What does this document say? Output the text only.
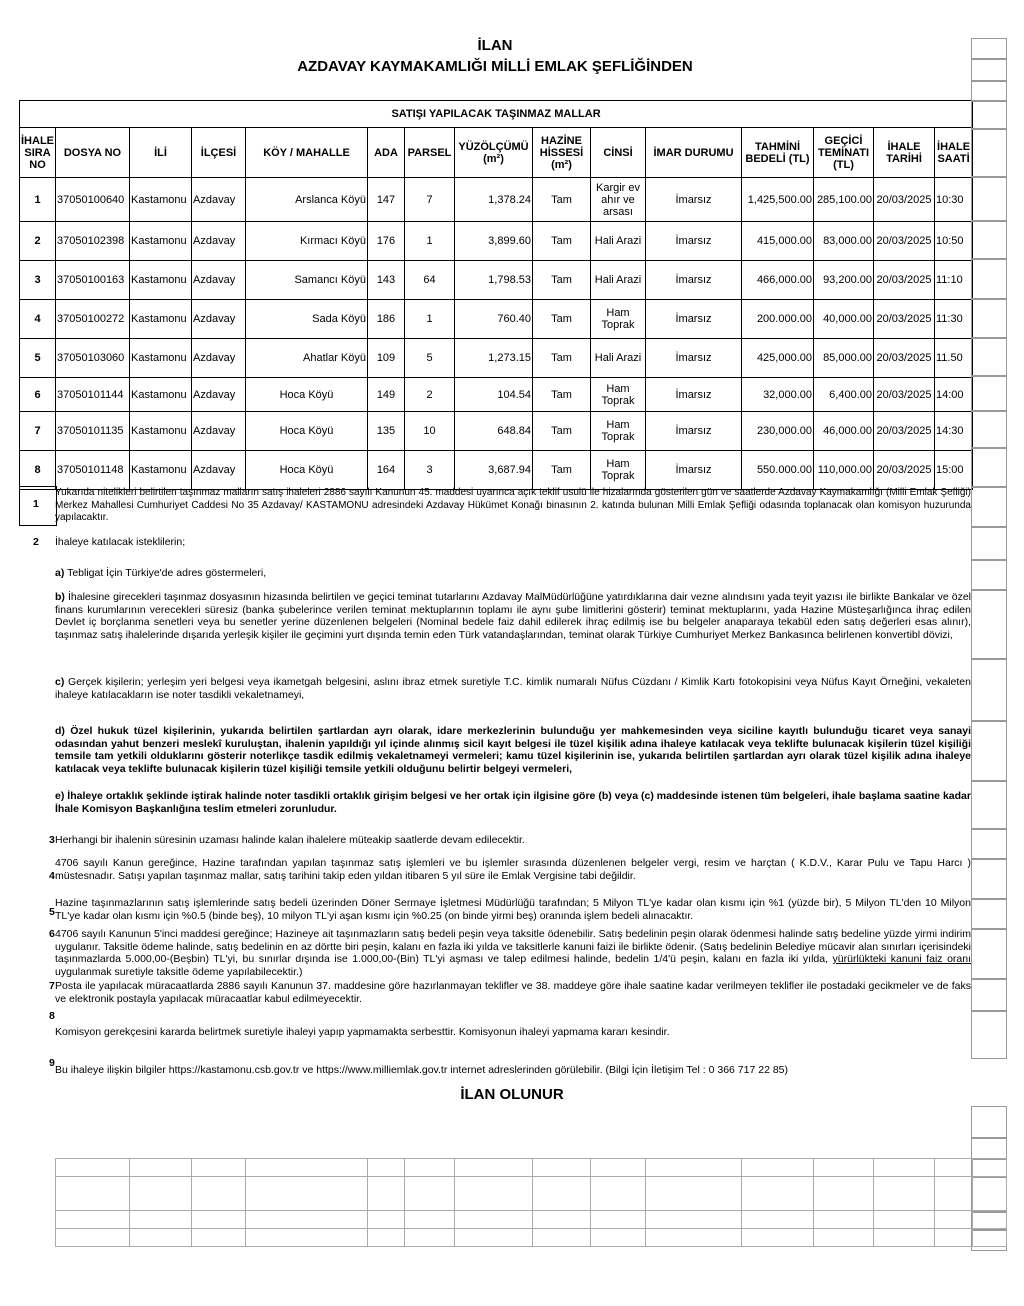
İLAN
AZDAVAY KAYMAKAMLIĞI MİLLİ EMLAK ŞEFLİĞİNDEN
SATIŞI YAPILACAK TAŞINMAZ MALLAR														
İHALE SIRA NO	DOSYA NO	İLİ	İLÇESİ	KÖY / MAHALLE	ADA	PARSEL	YÜZÖLÇÜMÜ (m²)	HAZİNE HİSSESİ (m²)	CİNSİ	İMAR DURUMU	TAHMİNİ BEDELİ (TL)	GEÇİCİ TEMİNATI (TL)	İHALE TARİHİ	İHALE SAATİ
1	37050100640	Kastamonu	Azdavay	Arslanca Köyü	147	7	1,378.24	Tam	Kargir ev ahır ve arsası	İmarsız	1,425,500.00	285,100.00	20/03/2025	10:30
2	37050102398	Kastamonu	Azdavay	Kırmacı Köyü	176	1	3,899.60	Tam	Hali Arazi	İmarsız	415,000.00	83,000.00	20/03/2025	10:50
3	37050100163	Kastamonu	Azdavay	Samancı Köyü	143	64	1,798.53	Tam	Hali Arazi	İmarsız	466,000.00	93,200.00	20/03/2025	11:10
4	37050100272	Kastamonu	Azdavay	Sada Köyü	186	1	760.40	Tam	Ham Toprak	İmarsız	200.000.00	40,000.00	20/03/2025	11:30
5	37050103060	Kastamonu	Azdavay	Ahatlar Köyü	109	5	1,273.15	Tam	Hali Arazi	İmarsız	425,000.00	85,000.00	20/03/2025	11.50
6	37050101144	Kastamonu	Azdavay	Hoca Köyü	149	2	104.54	Tam	Ham Toprak	İmarsız	32,000.00	6,400.00	20/03/2025	14:00
7	37050101135	Kastamonu	Azdavay	Hoca Köyü	135	10	648.84	Tam	Ham Toprak	İmarsız	230,000.00	46,000.00	20/03/2025	14:30
8	37050101148	Kastamonu	Azdavay	Hoca Köyü	164	3	3,687.94	Tam	Ham Toprak	İmarsız	550.000.00	110,000.00	20/03/2025	15:00
1
Yukarıda nitelikleri belirtilen taşınmaz malların satış ihaleleri 2886 sayılı Kanunun 45. maddesi uyarınca açık teklif usulü ile hizalarında gösterilen gün ve saatlerde Azdavay Kaymakamlığı (Milli Emlak Şefliği) Merkez Mahallesi Cumhuriyet Caddesi No 35 Azdavay/ KASTAMONU adresindeki Azdavay Hükümet Konağı binasının 2. katında bulunan Milli Emlak Şefliği odasında toplanacak olan komisyon huzurunda yapılacaktır.
2 İhaleye katılacak isteklilerin;
a) Tebligat İçin Türkiye'de adres göstermeleri,
b) İhalesine girecekleri taşınmaz dosyasının hizasında belirtilen ve geçici teminat tutarlarını Azdavay MalMüdürlüğüne yatırdıklarına dair vezne alındısını yada teyit yazısı ile birlikte Bankalar ve özel finans kurumlarının verecekleri süresiz (banka şubelerince verilen teminat mektuplarının toplamı ile aynı şube limitlerini gösterir) teminat mektuplarını, yada Hazine Müsteşarlığınca ihraç edilen Devlet iç borçlanma senetleri veya bu senetler yerine düzenlenen belgeleri (Nominal bedele faiz dahil edilerek ihraç edilmiş ise bu belgeler anaparaya tekabül eden satış değerleri esas alınır), taşınmaz satış ihalelerinde dışarıda yerleşik kişiler ile geçimini yurt dışında temin eden Türk vatandaşlarından, teminat olarak Türkiye Cumhuriyet Merkez Bankasınca belirlenen konvertibl dövizi,
c) Gerçek kişilerin; yerleşim yeri belgesi veya ikametgah belgesini, aslını ibraz etmek suretiyle T.C. kimlik numaralı Nüfus Cüzdanı / Kimlik Kartı fotokopisini veya Nüfus Kayıt Örneğini, vekaleten ihaleye katılacakların ise noter tasdikli vekaletnameyi,
d) Özel hukuk tüzel kişilerinin, yukarıda belirtilen şartlardan ayrı olarak, idare merkezlerinin bulunduğu yer mahkemesinden veya siciline kayıtlı bulunduğu ticaret veya sanayi odasından yahut benzeri meslekî kuruluştan, ihalenin yapıldığı yıl içinde alınmış sicil kayıt belgesi ile tüzel kişilik adına ihaleye katılacak veya teklifte bulunacak kişilerin tüzel kişiliği temsile tam yetkili olduklarını gösterir noterlikçe tasdik edilmiş vekaletnameyi vermeleri; kamu tüzel kişilerinin ise, yukarıda belirtilen şartlardan ayrı olarak tüzel kişilik adına ihaleye katılacak veya teklifte bulunacak kişilerin tüzel kişiliği temsile yetkili olduğunu belirtir belgeyi vermeleri,
e) İhaleye ortaklık şeklinde iştirak halinde noter tasdikli ortaklık girişim belgesi ve her ortak için ilgisine göre (b) veya (c) maddesinde istenen tüm belgeleri, ihale başlama saatine kadar İhale Komisyon Başkanlığına teslim etmeleri zorunludur.
3 Herhangi bir ihalenin süresinin uzaması halinde kalan ihalelere müteakip saatlerde devam edilecektir.
4
4706 sayılı Kanun gereğince, Hazine tarafından yapılan taşınmaz satış işlemleri ve bu işlemler sırasında düzenlenen belgeler vergi, resim ve harçtan ( K.D.V., Karar Pulu ve Tapu Harcı ) müstesnadır. Satışı yapılan taşınmaz mallar, satış tarihini takip eden yıldan itibaren 5 yıl süre ile Emlak Vergisine tabi değildir.
5
Hazine taşınmazlarının satış işlemlerinde satış bedeli üzerinden Döner Sermaye İşletmesi Müdürlüğü tarafından; 5 Milyon TL'ye kadar olan kısmı için %1 (yüzde bir), 5 Milyon TL'den 10 Milyon TL'ye kadar olan kısmı için %0.5 (binde beş), 10 milyon TL'yi aşan kısmı için %0.25 (on binde yirmi beş) oranında işlem bedeli alınacaktır.
6 4706 sayılı Kanunun 5'inci maddesi gereğince; Hazineye ait taşınmazların satış bedeli peşin veya taksitle ödenebilir. Satış bedelinin peşin olarak ödenmesi halinde satış bedeline yüzde yirmi indirim uygulanır. Taksitle ödeme halinde, satış bedelinin en az dörtte biri peşin, kalanı en fazla iki yılda ve taksitlerle kanuni faizi ile birlikte ödenir. (Satış bedelinin Belediye mücavir alan sınırları içerisindeki taşınmazlarda 5.000,00-(Beşbin) TL'yi, bu sınırlar dışında ise 1.000,00-(Bin) TL'yi aşması ve talep edilmesi halinde, bedelin 1/4'ü peşin, kalanı en fazla iki yılda, yürürlükteki kanuni faiz oranı uygulanmak suretiyle taksitle ödeme yapılabilecektir.)
7 Posta ile yapılacak müracaatlarda 2886 sayılı Kanunun 37. maddesine göre hazırlanmayan teklifler ve 38. maddeye göre ihale saatine kadar verilmeyen teklifler ile postadaki gecikmeler ve de faks ve elektronik postayla yapılacak müracaatlar kabul edilmeyecektir.
8
Komisyon gerekçesini kararda belirtmek suretiyle ihaleyi yapıp yapmamakta serbesttir. Komisyonun ihaleyi yapmama kararı kesindir.
9
Bu ihaleye ilişkin bilgiler https://kastamonu.csb.gov.tr ve https://www.milliemlak.gov.tr internet adreslerinden görülebilir. (Bilgi İçin İletişim Tel : 0 366 717 22 85)
İLAN OLUNUR
